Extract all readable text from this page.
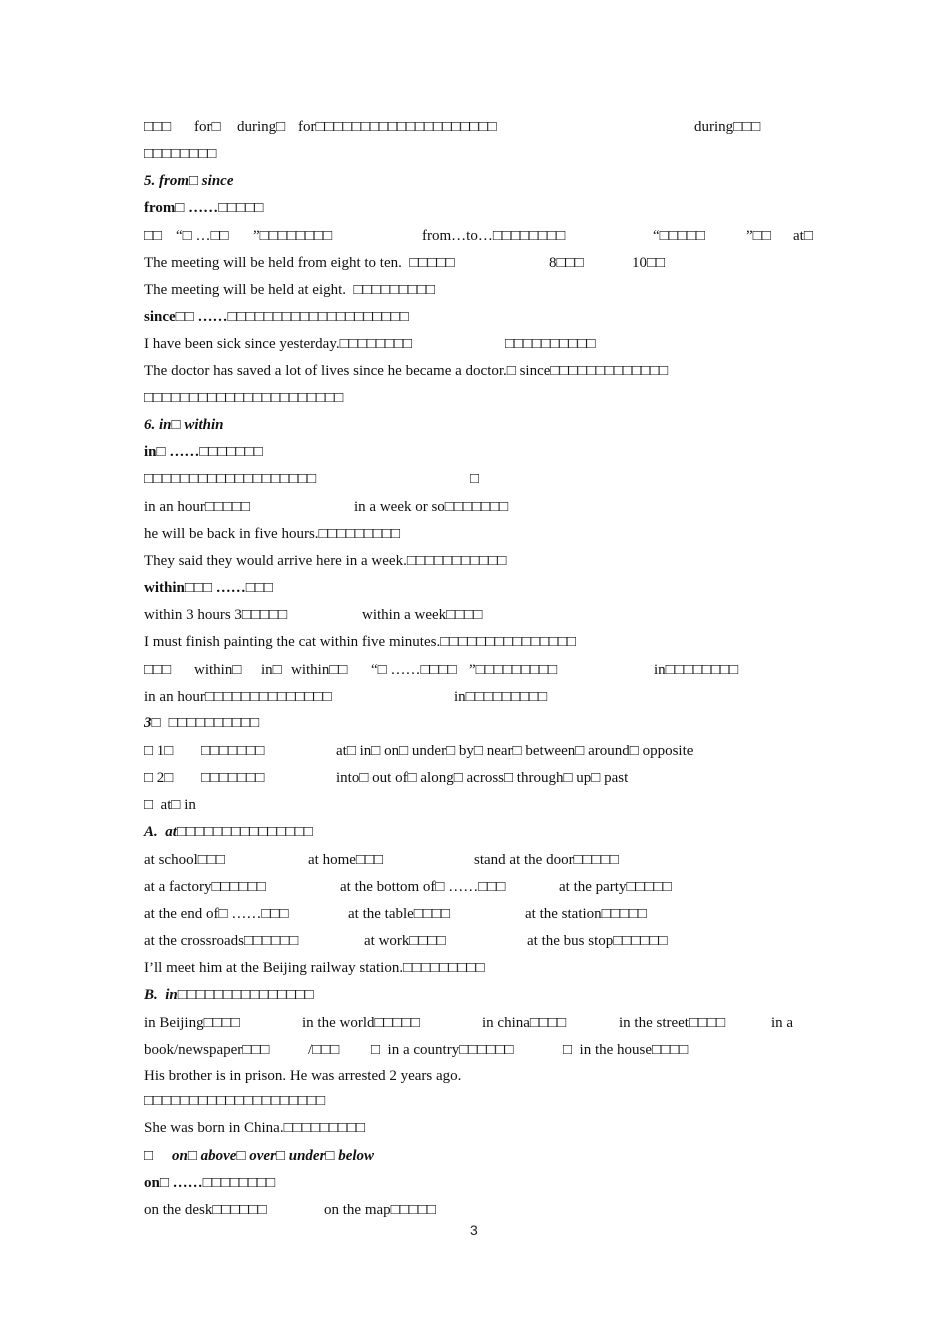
□□□ for□ during□ for□□□□□□□□□□□□□□□□□□□□	during□□□
□□□□□□□□
5. from□ since
from□ ……□□□□□
□□ “□ …□□ ”□□□□□□□□	from…to…□□□□□□□□	“□□□□□	”□□ at□
The meeting will be held from eight to ten.  □□□□□	8□□□	10□□
The meeting will be held at eight.  □□□□□□□□□
since□□ ……□□□□□□□□□□□□□□□□□□□□
I have been sick since yesterday.□□□□□□□□	□□□□□□□□□□
The doctor has saved a lot of lives since he became a doctor.□ since□□□□□□□□□□□□□
□□□□□□□□□□□□□□□□□□□□□□
6. in□ within
in□ ……□□□□□□□
□□□□□□□□□□□□□□□□□□□	□
in an hour□□□□□	in a week or so□□□□□□□
he will be back in five hours.□□□□□□□□□
They said they would arrive here in a week.□□□□□□□□□□□
within□□□ ……□□□
within 3 hours 3□□□□□	within a week□□□□
I must finish painting the cat within five minutes.□□□□□□□□□□□□□□□
□□□ within□ in□ within□□ “□ ……□□□□ ”□□□□□□□□□	in□□□□□□□□
in an hour□□□□□□□□□□□□□□	in□□□□□□□□□
3□ □□□□□□□□□□
□ 1□ □□□□□□□	at□ in□ on□ under□ by□ near□ between□ around□ opposite
□ 2□ □□□□□□□	into□ out of□ along□ across□ through□ up□ past
□  at□ in
A.  at□□□□□□□□□□□□□□□
at school□□□	at home□□□	stand at the door□□□□□
at a factory□□□□□□	at the bottom of□ ……□□□	at the party□□□□□
at the end of□ ……□□□	at the table□□□□	at the station□□□□□
at the crossroads□□□□□□	at work□□□□	at the bus stop□□□□□□
I’ll meet him at the Beijing railway station.□□□□□□□□□
B.  in□□□□□□□□□□□□□□□
in Beijing□□□□	in the world□□□□□	in china□□□□	in the street□□□□	in a
book/newspaper□□□	/□□□ □  in a country□□□□□□	□  in the house□□□□
His brother is in prison. He was arrested 2 years ago.
□□□□□□□□□□□□□□□□□□□□
She was born in China.□□□□□□□□□
□ on□ above□ over□ under□ below
on□ ……□□□□□□□□
on the desk□□□□□□	on the map□□□□□
3
